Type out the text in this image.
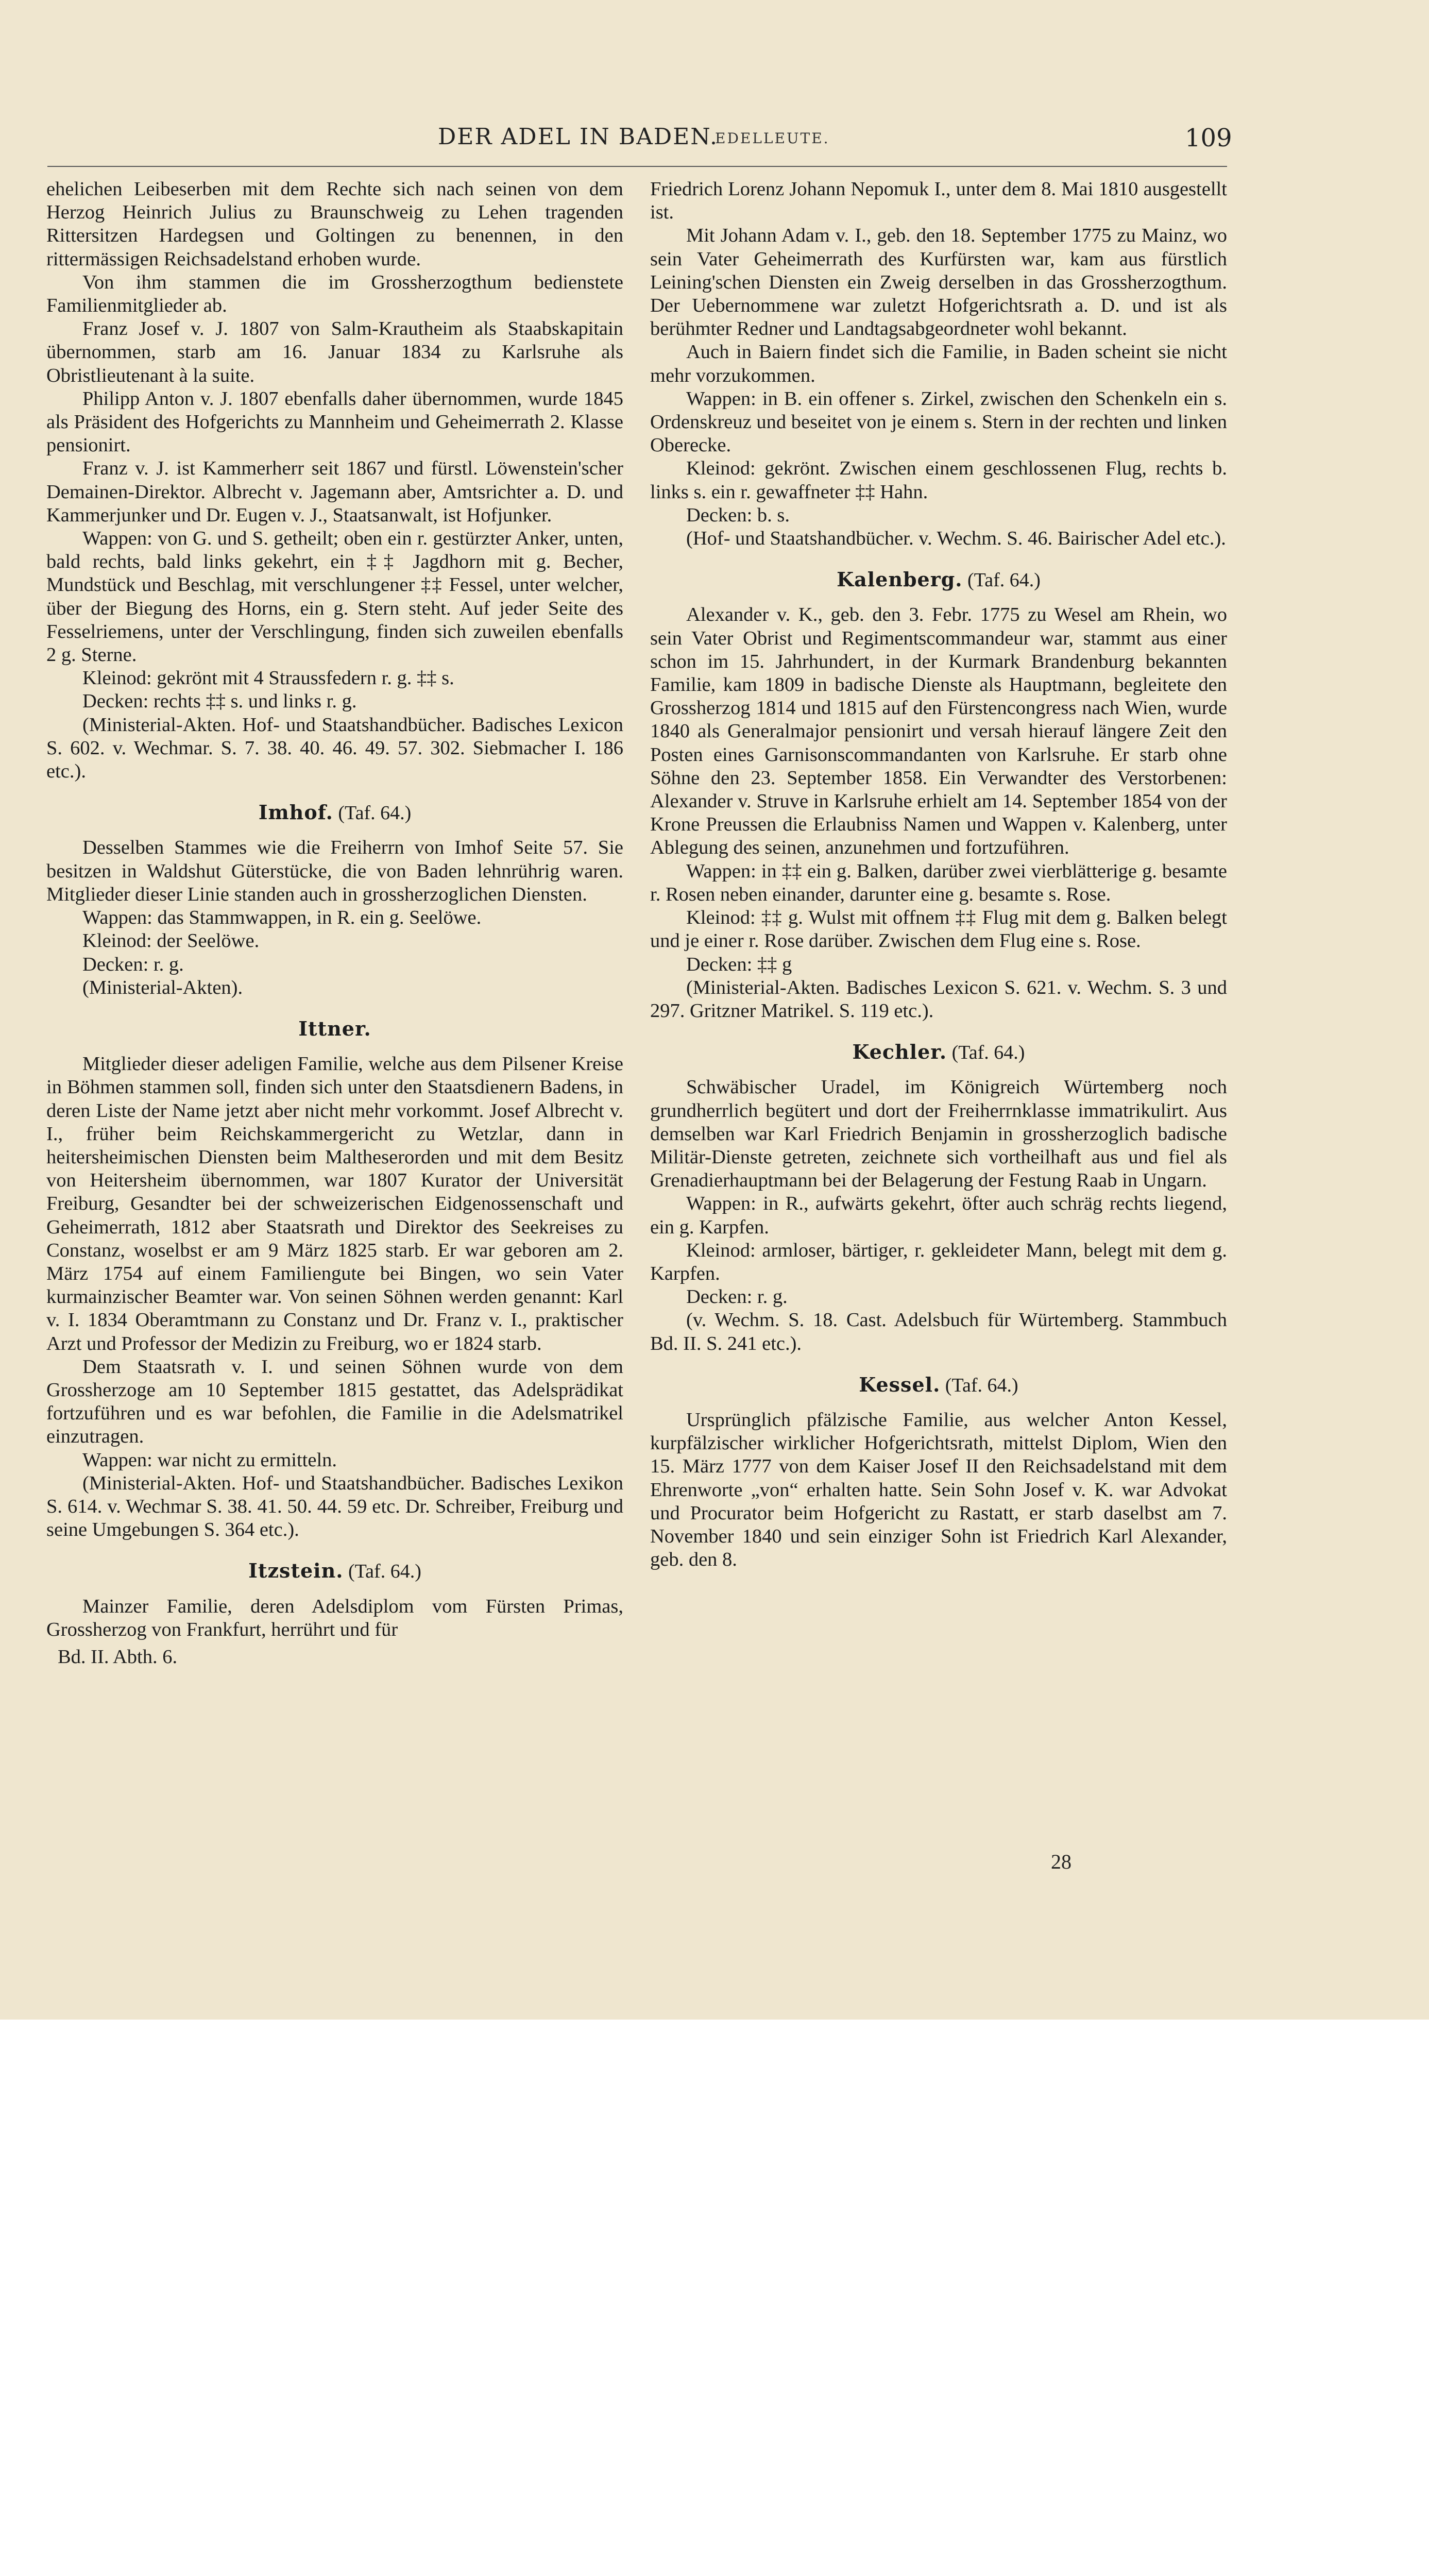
DER ADEL IN BADEN.
EDELLEUTE.	109

ehelichen Leibeserben mit dem Rechte sich nach seinen von dem Herzog Heinrich Julius zu Braunschweig zu Lehen tragenden Rittersitzen Hardegsen und Goltingen zu benennen, in den rittermässigen Reichsadelstand erhoben wurde.

Von ihm stammen die im Grossherzogthum bedienstete Familienmitglieder ab.

Franz Josef v. J. 1807 von Salm-Krautheim als Staabskapitain übernommen, starb am 16. Januar 1834 zu Karlsruhe als Obristlieutenant à la suite.

Philipp Anton v. J. 1807 ebenfalls daher übernommen, wurde 1845 als Präsident des Hofgerichts zu Mannheim und Geheimerrath 2. Klasse pensionirt.

Franz v. J. ist Kammerherr seit 1867 und fürstl. Löwenstein'scher Demainen-Direktor. Albrecht v. Jagemann aber, Amtsrichter a. D. und Kammerjunker und Dr. Eugen v. J., Staatsanwalt, ist Hofjunker.

Wappen: von G. und S. getheilt; oben ein r. gestürzter Anker, unten, bald rechts, bald links gekehrt, ein ‡‡ Jagdhorn mit g. Becher, Mundstück und Beschlag, mit verschlungener ‡‡ Fessel, unter welcher, über der Biegung des Horns, ein g. Stern steht. Auf jeder Seite des Fesselriemens, unter der Verschlingung, finden sich zuweilen ebenfalls 2 g. Sterne.

Kleinod: gekrönt mit 4 Straussfedern r. g. ‡‡ s.

Decken: rechts ‡‡ s. und links r. g.

(Ministerial-Akten. Hof- und Staatshandbücher. Badisches Lexicon S. 602. v. Wechmar. S. 7. 38. 40. 46. 49. 57. 302. Siebmacher I. 186 etc.).

Imhof. (Taf. 64.)

Desselben Stammes wie die Freiherrn von Imhof Seite 57. Sie besitzen in Waldshut Güterstücke, die von Baden lehnrührig waren. Mitglieder dieser Linie standen auch in grossherzoglichen Diensten.

Wappen: das Stammwappen, in R. ein g. Seelöwe.

Kleinod: der Seelöwe.

Decken: r. g.

(Ministerial-Akten).

Ittner.

Mitglieder dieser adeligen Familie, welche aus dem Pilsener Kreise in Böhmen stammen soll, finden sich unter den Staatsdienern Badens, in deren Liste der Name jetzt aber nicht mehr vorkommt. Josef Albrecht v. I., früher beim Reichskammergericht zu Wetzlar, dann in heitersheimischen Diensten beim Maltheserorden und mit dem Besitz von Heitersheim übernommen, war 1807 Kurator der Universität Freiburg, Gesandter bei der schweizerischen Eidgenossenschaft und Geheimerrath, 1812 aber Staatsrath und Direktor des Seekreises zu Constanz, woselbst er am 9 März 1825 starb. Er war geboren am 2. März 1754 auf einem Familiengute bei Bingen, wo sein Vater kurmainzischer Beamter war. Von seinen Söhnen werden genannt: Karl v. I. 1834 Oberamtmann zu Constanz und Dr. Franz v. I., praktischer Arzt und Professor der Medizin zu Freiburg, wo er 1824 starb.

Dem Staatsrath v. I. und seinen Söhnen wurde von dem Grossherzoge am 10 September 1815 gestattet, das Adelsprädikat fortzuführen und es war befohlen, die Familie in die Adelsmatrikel einzutragen.

Wappen: war nicht zu ermitteln.

(Ministerial-Akten. Hof- und Staatshandbücher. Badisches Lexikon S. 614. v. Wechmar S. 38. 41. 50. 44. 59 etc. Dr. Schreiber, Freiburg und seine Umgebungen S. 364 etc.).

Itzstein. (Taf. 64.)

Mainzer Familie, deren Adelsdiplom vom Fürsten Primas, Grossherzog von Frankfurt, herrührt und für

Bd. II. Abth. 6.

Friedrich Lorenz Johann Nepomuk I., unter dem 8. Mai 1810 ausgestellt ist.

Mit Johann Adam v. I., geb. den 18. September 1775 zu Mainz, wo sein Vater Geheimerrath des Kurfürsten war, kam aus fürstlich Leining'schen Diensten ein Zweig derselben in das Grossherzogthum. Der Uebernommene war zuletzt Hofgerichtsrath a. D. und ist als berühmter Redner und Landtagsabgeordneter wohl bekannt.

Auch in Baiern findet sich die Familie, in Baden scheint sie nicht mehr vorzukommen.

Wappen: in B. ein offener s. Zirkel, zwischen den Schenkeln ein s. Ordenskreuz und beseitet von je einem s. Stern in der rechten und linken Oberecke.

Kleinod: gekrönt. Zwischen einem geschlossenen Flug, rechts b. links s. ein r. gewaffneter ‡‡ Hahn.

Decken: b. s.

(Hof- und Staatshandbücher. v. Wechm. S. 46. Bairischer Adel etc.).

Kalenberg. (Taf. 64.)

Alexander v. K., geb. den 3. Febr. 1775 zu Wesel am Rhein, wo sein Vater Obrist und Regimentscommandeur war, stammt aus einer schon im 15. Jahrhundert, in der Kurmark Brandenburg bekannten Familie, kam 1809 in badische Dienste als Hauptmann, begleitete den Grossherzog 1814 und 1815 auf den Fürstencongress nach Wien, wurde 1840 als Generalmajor pensionirt und versah hierauf längere Zeit den Posten eines Garnisonscommandanten von Karlsruhe. Er starb ohne Söhne den 23. September 1858. Ein Verwandter des Verstorbenen: Alexander v. Struve in Karlsruhe erhielt am 14. September 1854 von der Krone Preussen die Erlaubniss Namen und Wappen v. Kalenberg, unter Ablegung des seinen, anzunehmen und fortzuführen.

Wappen: in ‡‡ ein g. Balken, darüber zwei vierblätterige g. besamte r. Rosen neben einander, darunter eine g. besamte s. Rose.

Kleinod: ‡‡ g. Wulst mit offnem ‡‡ Flug mit dem g. Balken belegt und je einer r. Rose darüber. Zwischen dem Flug eine s. Rose.

Decken: ‡‡ g

(Ministerial-Akten. Badisches Lexicon S. 621. v. Wechm. S. 3 und 297. Gritzner Matrikel. S. 119 etc.).

Kechler. (Taf. 64.)

Schwäbischer Uradel, im Königreich Würtemberg noch grundherrlich begütert und dort der Freiherrnklasse immatrikulirt. Aus demselben war Karl Friedrich Benjamin in grossherzoglich badische Militär-Dienste getreten, zeichnete sich vortheilhaft aus und fiel als Grenadierhauptmann bei der Belagerung der Festung Raab in Ungarn.

Wappen: in R., aufwärts gekehrt, öfter auch schräg rechts liegend, ein g. Karpfen.

Kleinod: armloser, bärtiger, r. gekleideter Mann, belegt mit dem g. Karpfen.

Decken: r. g.

(v. Wechm. S. 18. Cast. Adelsbuch für Würtemberg. Stammbuch Bd. II. S. 241 etc.).

Kessel. (Taf. 64.)

Ursprünglich pfälzische Familie, aus welcher Anton Kessel, kurpfälzischer wirklicher Hofgerichtsrath, mittelst Diplom, Wien den 15. März 1777 von dem Kaiser Josef II den Reichsadelstand mit dem Ehrenworte „von“ erhalten hatte. Sein Sohn Josef v. K. war Advokat und Procurator beim Hofgericht zu Rastatt, er starb daselbst am 7. November 1840 und sein einziger Sohn ist Friedrich Karl Alexander, geb. den 8.

28
